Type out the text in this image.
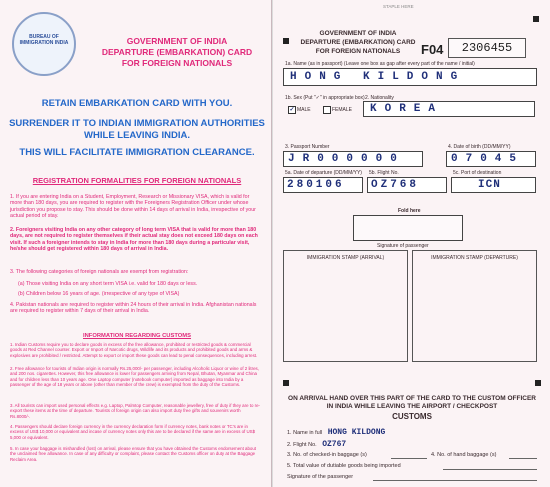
BUREAU OF IMMIGRATION INDIA	GOVERNMENT OF INDIA
DEPARTURE (EMBARKATION) CARD
FOR FOREIGN NATIONALS
RETAIN EMBARKATION CARD WITH YOU.
SURRENDER IT TO INDIAN IMMIGRATION AUTHORITIES WHILE LEAVING INDIA.
THIS WILL FACILITATE IMMIGRATION CLEARANCE.
REGISTRATION FORMALITIES FOR FOREIGN NATIONALS
1. If you are entering India on a Student, Employment, Research or Missionary VISA, which is valid for more than 180 days, you are required to register with the Foreigners Registration Officer under whose jurisdiction you propose to stay. This should be done within 14 days of arrival in India, irrespective of your actual period of stay.
2. Foreigners visiting India on any other category of long term VISA that is valid for more than 180 days, are not required to register themselves if their actual stay does not exceed 180 days on each visit. If such a foreigner intends to stay in India for more than 180 days during a particular visit, he/she should get registered within 180 days of arrival in India.
3. The following categories of foreign nationals are exempt from registration:
(a) Those visiting India on any short term VISA i.e. valid for 180 days or less.
(b) Children below 16 years of age. (irrespective of any type of VISA)
4. Pakistan nationals are required to register within 24 hours of their arrival in India. Afghanistan nationals are required to register within 7 days of their arrival in India.
INFORMATION REGARDING CUSTOMS
1. Indian Customs require you to declare goods in excess of the free allowance, prohibited or restricted goods & commercial goods at Red Channel counter. Export or Import of Narcotic drugs, Wildlife and its products and prohibited goods and arms & explosives are prohibited / restricted. Attempt to export or import these goods can lead to penal consequences, including arrest.
2. Free allowance for tourists of Indian origin is normally Rs.25,000/- per passenger, including Alcoholic Liquor or wine of 2 litres, and 200 nos. cigarettes. However, this free allowance is lower for passengers arriving from Nepal, Bhutan, Myanmar and China and for children less than 10 years age. One Laptop computer (notebook computer) imported as baggage into India by a passenger of the age of 18 years or above (other than member of the crew) is exempted from the duty of the Customs.
3. All tourists can import used personal effects e.g. Laptop, Palmtop Computer, reasonable jewellery, free of duty if they are to re-export these items at the time of departure. Tourists of foreign origin can also import duty free gifts and souvenirs worth Rs.8000/-.
4. Passengers should declare foreign currency in the currency declaration form if currency notes, bank notes or TC's are in excess of US$ 10,000 or equivalent and incase of currency notes only this are to be declared if the same are in excess of US$ 5,000 or equivalent.
5. In case your baggage is mishandled (lost) on arrival, please ensure that you have obtained the Customs endorsement about the unclaimed free allowance. In case of any difficulty or complaint, please contact the Customs officer on duty at the Baggage Reclaim Area.
STAPLE HERE
GOVERNMENT OF INDIA
DEPARTURE (EMBARKATION) CARD
FOR FOREIGN NATIONALS	F04	2306455
1a. Name (as in passport) (Leave one box as gap after every part of the name / initial)
HONG KILDONG
1b. Sex (Put "✓" in appropriate box)
✓ MALE	FEMALE
2. Nationality
KOREA
3. Passport Number
JR000000
4. Date of birth (DD/MM/YY)
07045
5a. Date of departure (DD/MM/YY)
280106
5b. Flight No.
OZ768
5c. Port of destination
ICN
Fold here
Signature of passenger
IMMIGRATION STAMP (ARRIVAL)	IMMIGRATION STAMP (DEPARTURE)
ON ARRIVAL HAND OVER THIS PART OF THE CARD TO THE CUSTOM OFFICER IN INDIA WHILE LEAVING THE AIRPORT / CHECKPOST
CUSTOMS
1. Name in full HONG KILDONG
2. Flight No. OZ767
3. No. of checked-in baggage (s)	4. No. of hand baggage (s)
5. Total value of dutiable goods being imported
Signature of the passenger
